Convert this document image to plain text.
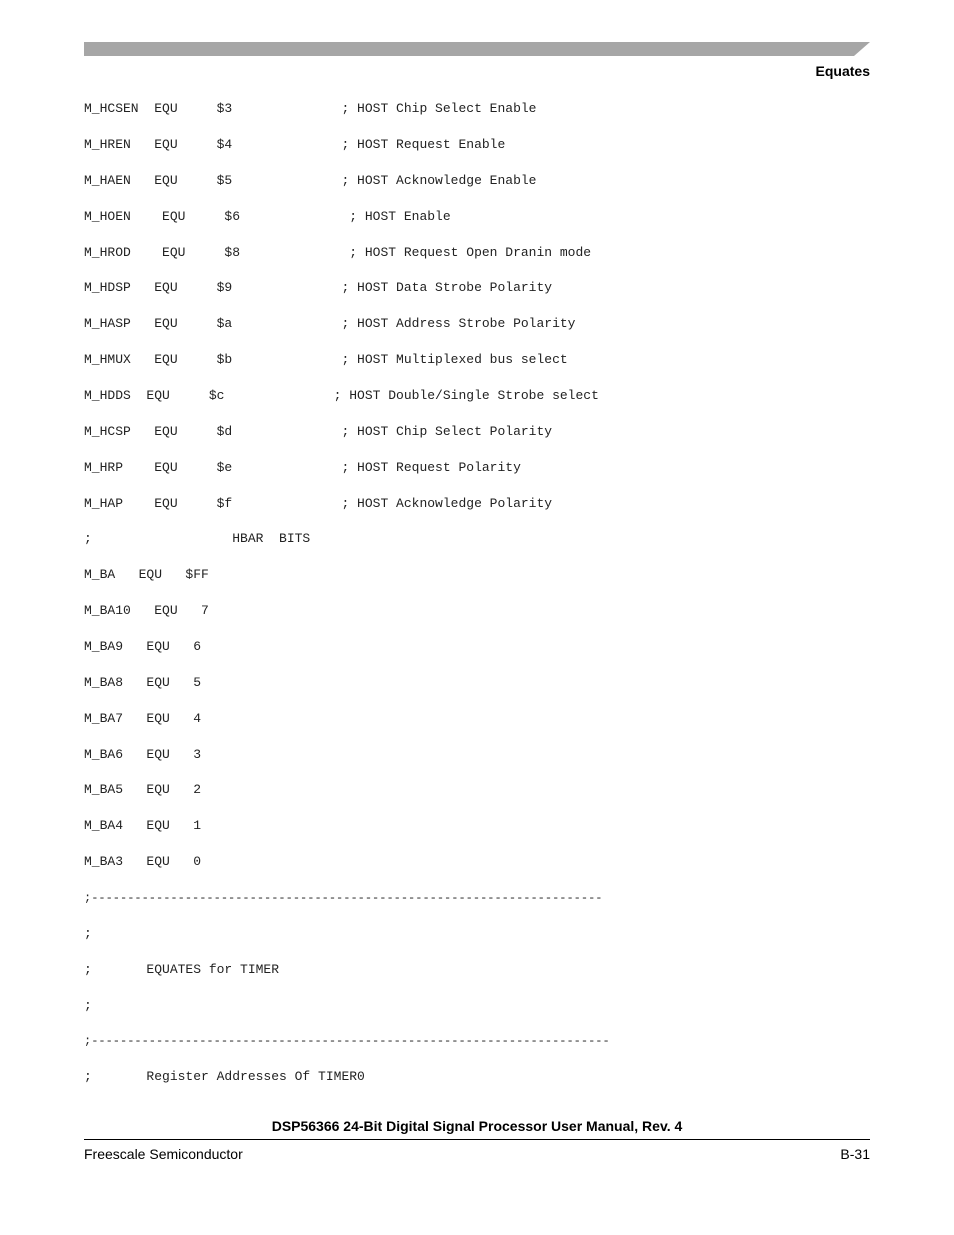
Equates
M_HCSEN  EQU     $3              ; HOST Chip Select Enable
M_HREN   EQU     $4              ; HOST Request Enable
M_HAEN   EQU     $5              ; HOST Acknowledge Enable
M_HOEN    EQU     $6              ; HOST Enable
M_HROD    EQU     $8              ; HOST Request Open Dranin mode
M_HDSP   EQU     $9              ; HOST Data Strobe Polarity
M_HASP   EQU     $a              ; HOST Address Strobe Polarity
M_HMUX   EQU     $b              ; HOST Multiplexed bus select
M_HDDS  EQU     $c              ; HOST Double/Single Strobe select
M_HCSP   EQU     $d              ; HOST Chip Select Polarity
M_HRP    EQU     $e              ; HOST Request Polarity
M_HAP    EQU     $f              ; HOST Acknowledge Polarity
;                  HBAR  BITS
M_BA   EQU   $FF
M_BA10   EQU   7
M_BA9   EQU   6
M_BA8   EQU   5
M_BA7   EQU   4
M_BA6   EQU   3
M_BA5   EQU   2
M_BA4   EQU   1
M_BA3   EQU   0
;-----------------------------------------------------------------------
;
;       EQUATES for TIMER
;
;------------------------------------------------------------------------
;       Register Addresses Of TIMER0
DSP56366 24-Bit Digital Signal Processor User Manual, Rev. 4
Freescale Semiconductor	B-31
